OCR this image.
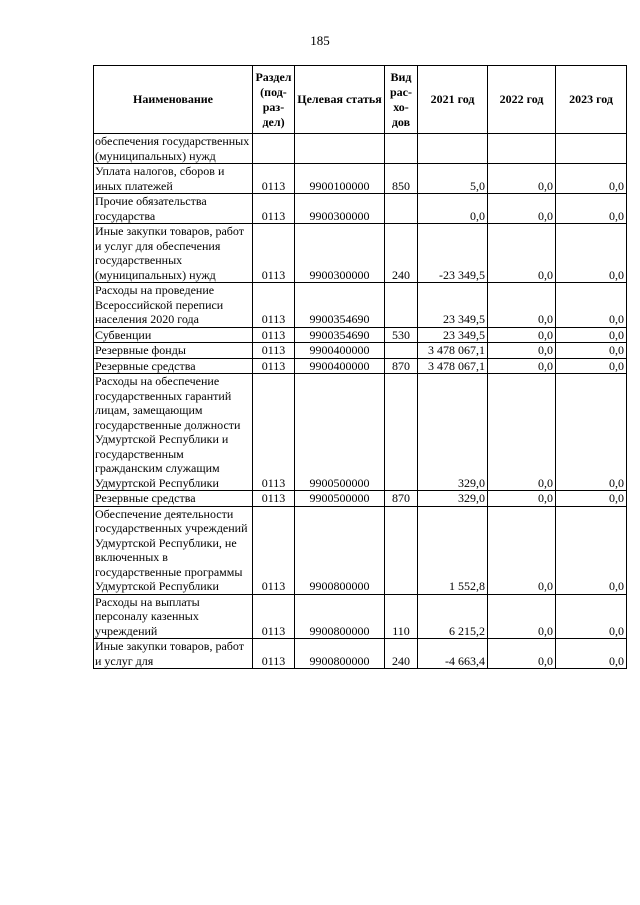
185
Наименование	Раздел (под- раз- дел)	Целевая статья	Вид рас- хо- дов	2021 год	2022 год	2023 год
обеспечения государственных (муниципальных) нужд						
Уплата налогов, сборов и иных платежей	0113	9900100000	850	5,0	0,0	0,0
Прочие обязательства государства	0113	9900300000		0,0	0,0	0,0
Иные закупки товаров, работ и услуг для обеспечения государственных (муниципальных) нужд	0113	9900300000	240	-23 349,5	0,0	0,0
Расходы на проведение Всероссийской переписи населения 2020 года	0113	9900354690		23 349,5	0,0	0,0
Субвенции	0113	9900354690	530	23 349,5	0,0	0,0
Резервные фонды	0113	9900400000		3 478 067,1	0,0	0,0
Резервные средства	0113	9900400000	870	3 478 067,1	0,0	0,0
Расходы на обеспечение государственных гарантий лицам, замещающим государственные должности Удмуртской Республики и государственным гражданским служащим Удмуртской Республики	0113	9900500000		329,0	0,0	0,0
Резервные средства	0113	9900500000	870	329,0	0,0	0,0
Обеспечение деятельности государственных учреждений Удмуртской Республики, не включенных в государственные программы Удмуртской Республики	0113	9900800000		1 552,8	0,0	0,0
Расходы на выплаты персоналу казенных учреждений	0113	9900800000	110	6 215,2	0,0	0,0
Иные закупки товаров, работ и услуг для	0113	9900800000	240	-4 663,4	0,0	0,0
